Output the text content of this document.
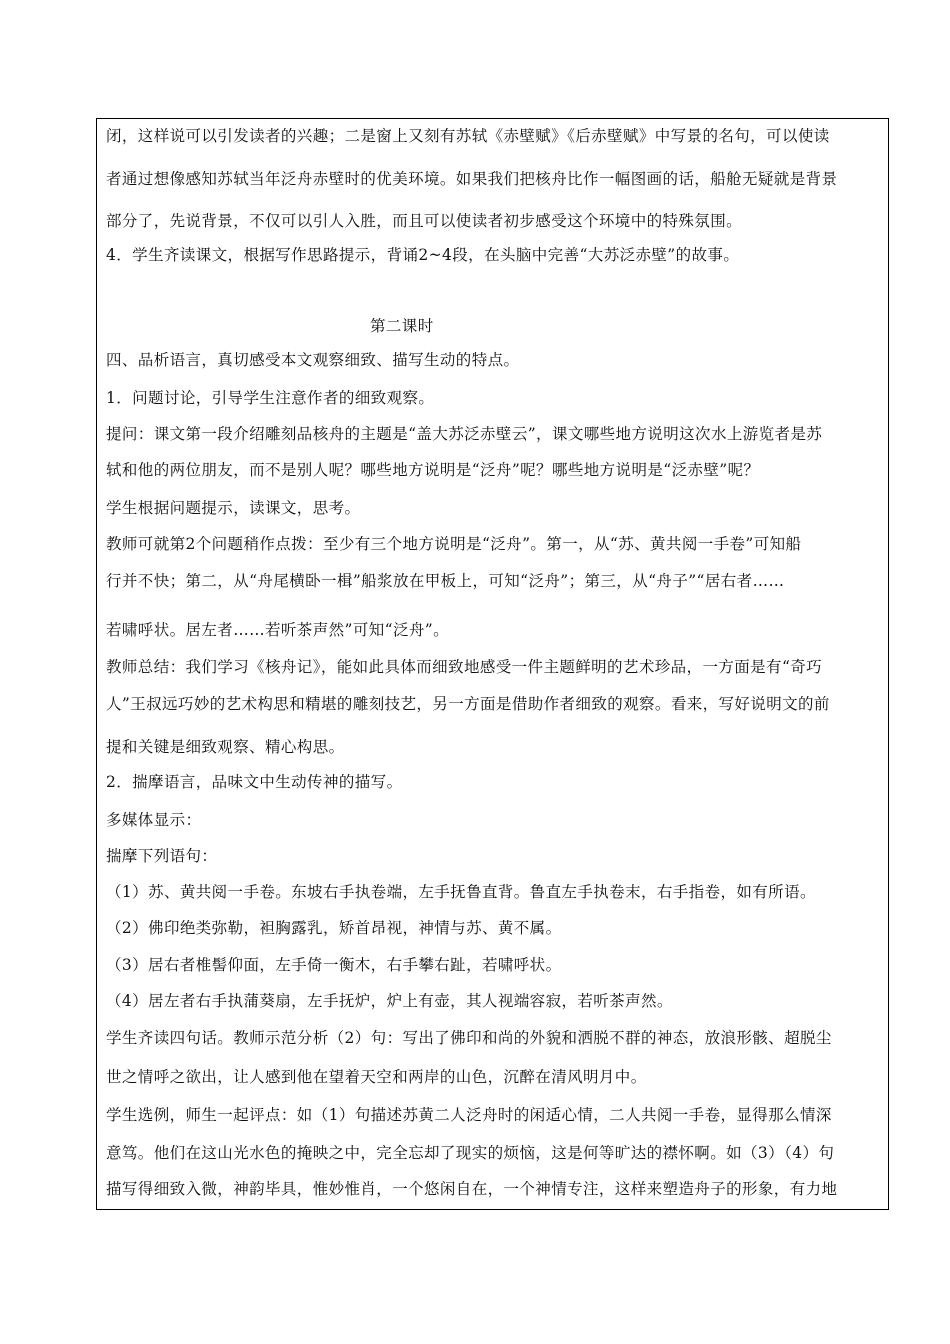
闭，这样说可以引发读者的兴趣；二是窗上又刻有苏轼《赤壁赋》《后赤壁赋》中写景的名句，可以使读
者通过想像感知苏轼当年泛舟赤壁时的优美环境。如果我们把核舟比作一幅图画的话，船舱无疑就是背景
部分了，先说背景，不仅可以引人入胜，而且可以使读者初步感受这个环境中的特殊氛围。
4．学生齐读课文，根据写作思路提示，背诵2~4段，在头脑中完善“大苏泛赤壁”的故事。
第二课时
四、品析语言，真切感受本文观察细致、描写生动的特点。
1．问题讨论，引导学生注意作者的细致观察。
提问：课文第一段介绍雕刻品核舟的主题是“盖大苏泛赤壁云”，课文哪些地方说明这次水上游览者是苏
轼和他的两位朋友，而不是别人呢？哪些地方说明是“泛舟”呢？哪些地方说明是“泛赤壁”呢？
学生根据问题提示，读课文，思考。
教师可就第2个问题稍作点拨：至少有三个地方说明是“泛舟”。第一，从“苏、黄共阅一手卷”可知船
行并不快；第二，从“舟尾横卧一楫”船浆放在甲板上，可知“泛舟”；第三，从“舟子”“居右者……
若啸呼状。居左者……若听茶声然”可知“泛舟”。
教师总结：我们学习《核舟记》，能如此具体而细致地感受一件主题鲜明的艺术珍品，一方面是有“奇巧
人”王叔远巧妙的艺术构思和精堪的雕刻技艺，另一方面是借助作者细致的观察。看来，写好说明文的前
提和关键是细致观察、精心构思。
2．揣摩语言，品味文中生动传神的描写。
多媒体显示：
揣摩下列语句：
（1）苏、黄共阅一手卷。东坡右手执卷端，左手抚鲁直背。鲁直左手执卷末，右手指卷，如有所语。
（2）佛印绝类弥勒，袒胸露乳，矫首昂视，神情与苏、黄不属。
（3）居右者椎髻仰面，左手倚一衡木，右手攀右趾，若啸呼状。
（4）居左者右手执蒲葵扇，左手抚炉，炉上有壶，其人视端容寂，若听茶声然。
学生齐读四句话。教师示范分析（2）句：写出了佛印和尚的外貌和洒脱不群的神态，放浪形骸、超脱尘
世之情呼之欲出，让人感到他在望着天空和两岸的山色，沉醉在清风明月中。
学生选例，师生一起评点：如（1）句描述苏黄二人泛舟时的闲适心情，二人共阅一手卷，显得那么情深
意笃。他们在这山光水色的掩映之中，完全忘却了现实的烦恼，这是何等旷达的襟怀啊。如（3）（4）句
描写得细致入微，神韵毕具，惟妙惟肖，一个悠闲自在，一个神情专注，这样来塑造舟子的形象，有力地
